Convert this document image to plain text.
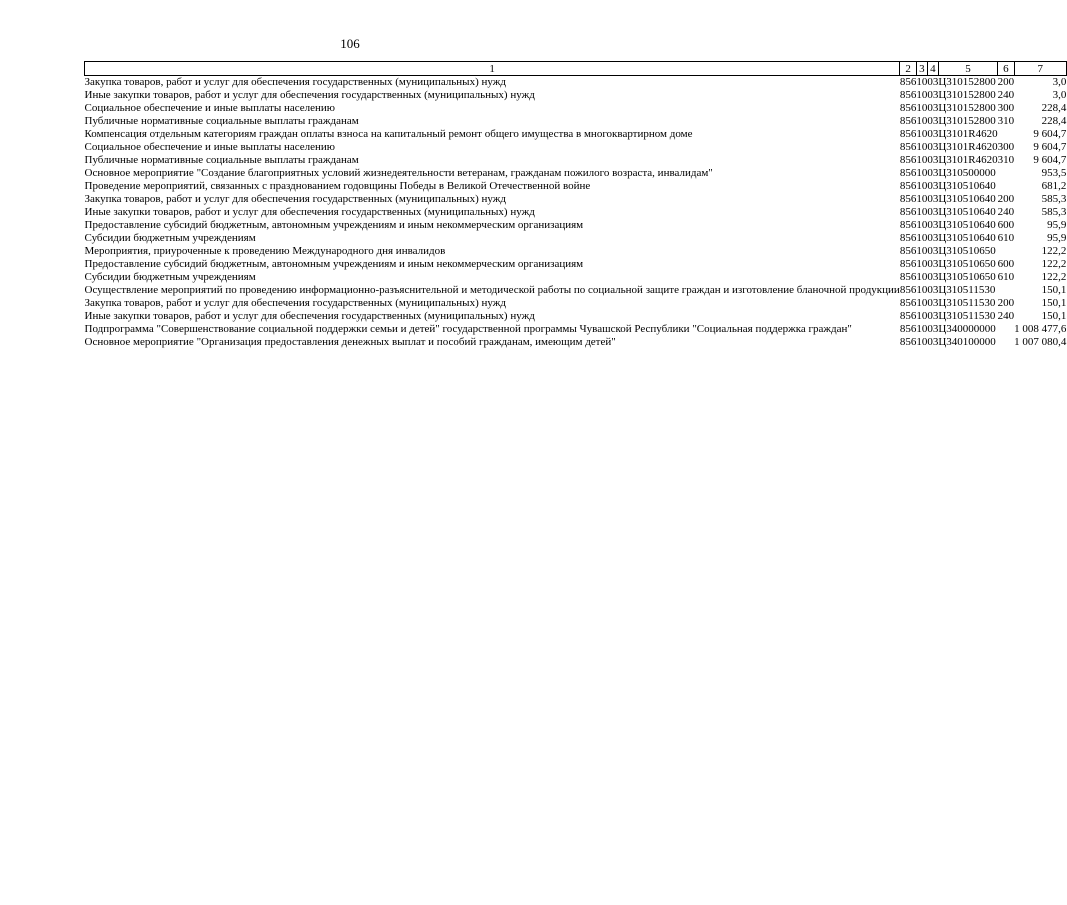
106
1	2	3	4	5	6	7
Закупка товаров, работ и услуг для обеспечения государственных (муниципальных) нужд	856	10	03	Ц310152800	200	3,0
Иные закупки товаров, работ и услуг для обеспечения государственных (муниципальных) нужд	856	10	03	Ц310152800	240	3,0
Социальное обеспечение и иные выплаты населению	856	10	03	Ц310152800	300	228,4
Публичные нормативные социальные выплаты гражданам	856	10	03	Ц310152800	310	228,4
Компенсация отдельным категориям граждан оплаты взноса на капитальный ремонт общего имущества в многоквартирном доме	856	10	03	Ц3101R4620		9 604,7
Социальное обеспечение и иные выплаты населению	856	10	03	Ц3101R4620	300	9 604,7
Публичные нормативные социальные выплаты гражданам	856	10	03	Ц3101R4620	310	9 604,7
Основное мероприятие "Создание благоприятных условий жизнедеятельности ветеранам, гражданам пожилого возраста, инвалидам"	856	10	03	Ц310500000		953,5
Проведение мероприятий, связанных с празднованием годовщины Победы в Великой Отечественной войне	856	10	03	Ц310510640		681,2
Закупка товаров, работ и услуг для обеспечения государственных (муниципальных) нужд	856	10	03	Ц310510640	200	585,3
Иные закупки товаров, работ и услуг для обеспечения государственных (муниципальных) нужд	856	10	03	Ц310510640	240	585,3
Предоставление субсидий бюджетным, автономным учреждениям и иным некоммерческим организациям	856	10	03	Ц310510640	600	95,9
Субсидии бюджетным учреждениям	856	10	03	Ц310510640	610	95,9
Мероприятия, приуроченные к проведению Международного дня инвалидов	856	10	03	Ц310510650		122,2
Предоставление субсидий бюджетным, автономным учреждениям и иным некоммерческим организациям	856	10	03	Ц310510650	600	122,2
Субсидии бюджетным учреждениям	856	10	03	Ц310510650	610	122,2
Осуществление мероприятий по проведению информационно-разъяснительной и методической работы по социальной защите граждан и изготовление бланочной продукции	856	10	03	Ц310511530		150,1
Закупка товаров, работ и услуг для обеспечения государственных (муниципальных) нужд	856	10	03	Ц310511530	200	150,1
Иные закупки товаров, работ и услуг для обеспечения государственных (муниципальных) нужд	856	10	03	Ц310511530	240	150,1
Подпрограмма "Совершенствование социальной поддержки семьи и детей" государственной программы Чувашской Республики "Социальная поддержка граждан"	856	10	03	Ц340000000		1 008 477,6
Основное мероприятие "Организация предоставления денежных выплат и пособий гражданам, имеющим детей"	856	10	03	Ц340100000		1 007 080,4
